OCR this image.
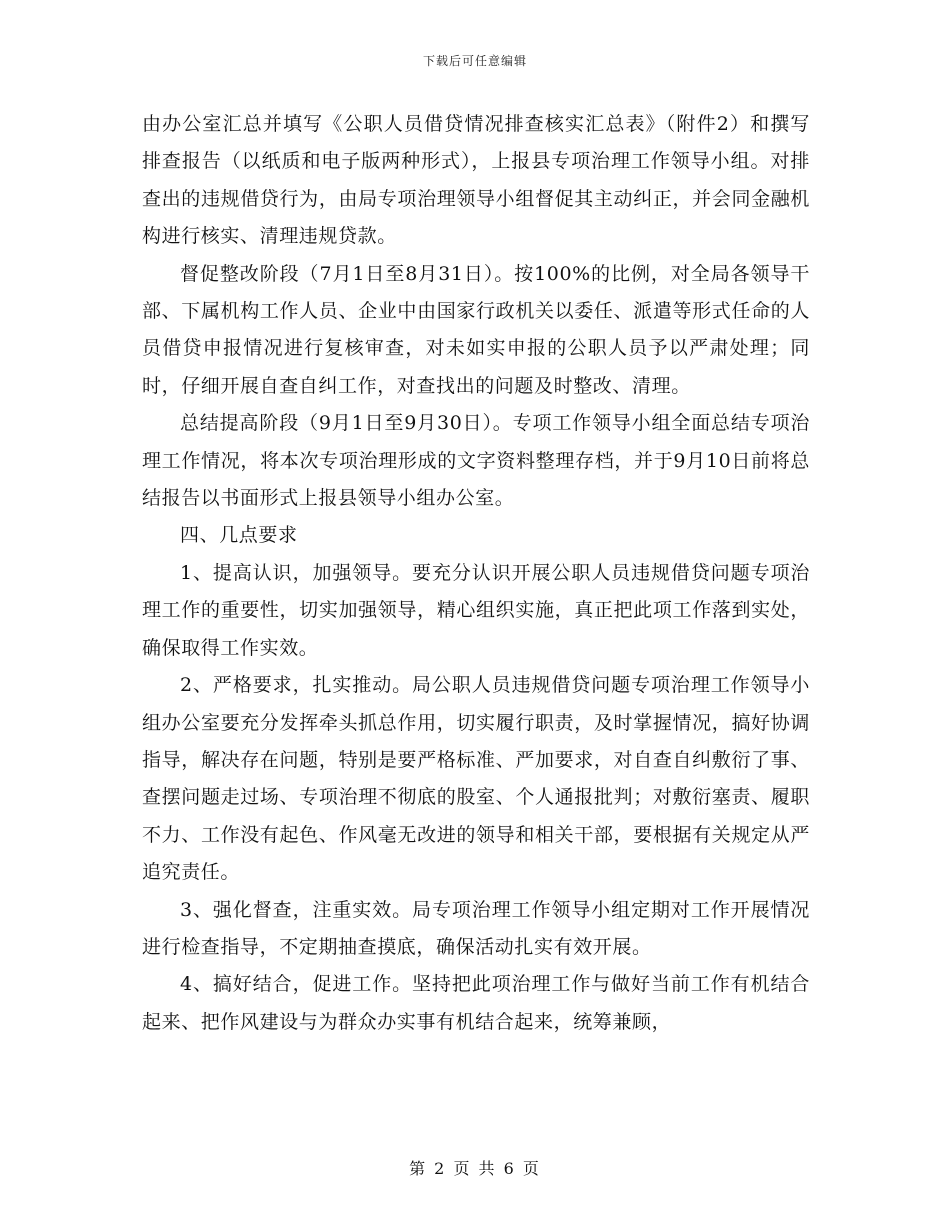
下载后可任意编辑

由办公室汇总并填写《公职人员借贷情况排查核实汇总表》（附件2）和撰写排查报告（以纸质和电子版两种形式），上报县专项治理工作领导小组。对排查出的违规借贷行为，由局专项治理领导小组督促其主动纠正，并会同金融机构进行核实、清理违规贷款。

督促整改阶段（7月1日至8月31日）。按100%的比例，对全局各领导干部、下属机构工作人员、企业中由国家行政机关以委任、派遣等形式任命的人员借贷申报情况进行复核审查，对未如实申报的公职人员予以严肃处理；同时，仔细开展自查自纠工作，对查找出的问题及时整改、清理。

总结提高阶段（9月1日至9月30日）。专项工作领导小组全面总结专项治理工作情况，将本次专项治理形成的文字资料整理存档，并于9月10日前将总结报告以书面形式上报县领导小组办公室。

四、几点要求

1、提高认识，加强领导。要充分认识开展公职人员违规借贷问题专项治理工作的重要性，切实加强领导，精心组织实施，真正把此项工作落到实处，确保取得工作实效。

2、严格要求，扎实推动。局公职人员违规借贷问题专项治理工作领导小组办公室要充分发挥牵头抓总作用，切实履行职责，及时掌握情况，搞好协调指导，解决存在问题，特别是要严格标准、严加要求，对自查自纠敷衍了事、查摆问题走过场、专项治理不彻底的股室、个人通报批判；对敷衍塞责、履职不力、工作没有起色、作风毫无改进的领导和相关干部，要根据有关规定从严追究责任。

3、强化督查，注重实效。局专项治理工作领导小组定期对工作开展情况进行检查指导，不定期抽查摸底，确保活动扎实有效开展。

4、搞好结合，促进工作。坚持把此项治理工作与做好当前工作有机结合起来、把作风建设与为群众办实事有机结合起来，统筹兼顾，

第 2 页 共 6 页
